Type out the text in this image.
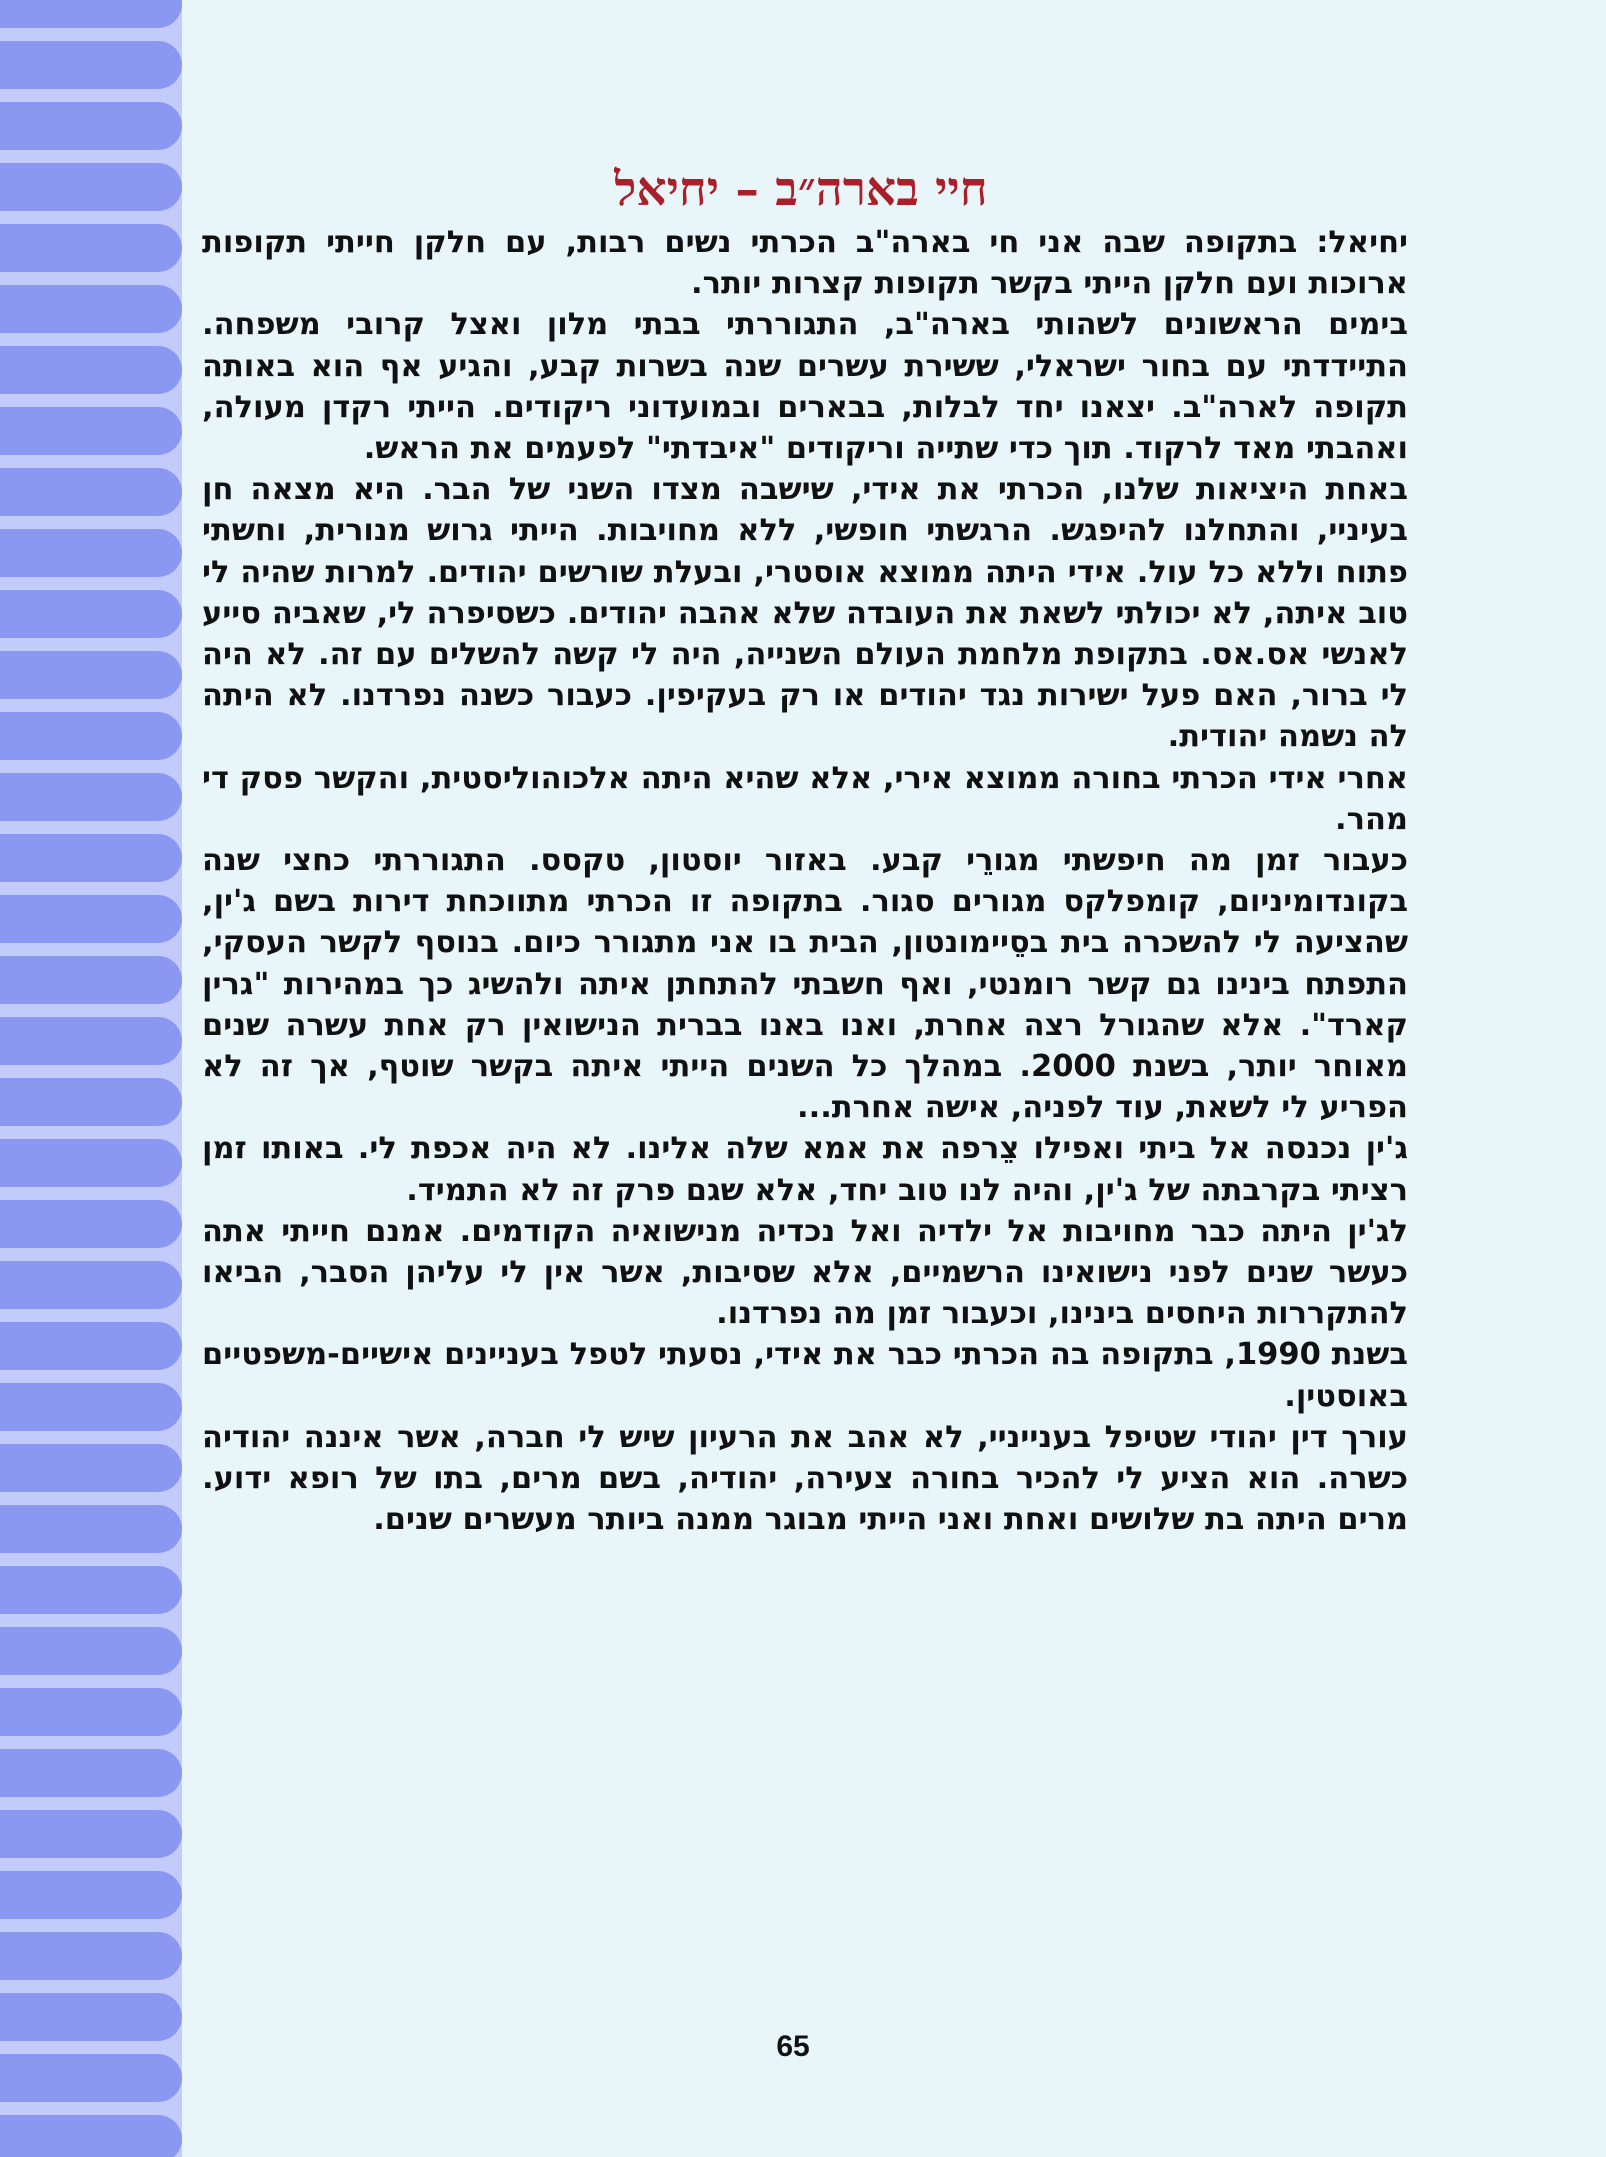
חיי בארה״ב – יחיאל

יחיאל: בתקופה שבה אני חי בארה"ב הכרתי נשים רבות, עם חלקן חייתי תקופות ארוכות ועם חלקן הייתי בקשר תקופות קצרות יותר.

בימים הראשונים לשהותי בארה"ב, התגוררתי בבתי מלון ואצל קרובי משפחה. התיידדתי עם בחור ישראלי, ששירת עשרים שנה בשרות קבע, והגיע אף הוא באותה תקופה לארה"ב. יצאנו יחד לבלות, בבארים ובמועדוני ריקודים. הייתי רקדן מעולה, ואהבתי מאד לרקוד. תוך כדי שתייה וריקודים "איבדתי" לפעמים את הראש.

באחת היציאות שלנו, הכרתי את אידי, שישבה מצדו השני של הבר. היא מצאה חן בעיניי, והתחלנו להיפגש. הרגשתי חופשי, ללא מחויבות. הייתי גרוש מנורית, וחשתי פתוח וללא כל עול. אידי היתה ממוצא אוסטרי, ובעלת שורשים יהודים. למרות שהיה לי טוב איתה, לא יכולתי לשאת את העובדה שלא אהבה יהודים. כשסיפרה לי, שאביה סייע לאנשי אס.אס. בתקופת מלחמת העולם השנייה, היה לי קשה להשלים עם זה. לא היה לי ברור, האם פעל ישירות נגד יהודים או רק בעקיפין. כעבור כשנה נפרדנו. לא היתה לה נשמה יהודית.

אחרי אידי הכרתי בחורה ממוצא אירי, אלא שהיא היתה אלכוהוליסטית, והקשר פסק די מהר.

כעבור זמן מה חיפשתי מגורֵי קבע. באזור יוסטון, טקסס. התגוררתי כחצי שנה בקונדומיניום, קומפלקס מגורים סגור. בתקופה זו הכרתי מתווכחת דירות בשם ג'ין, שהציעה לי להשכרה בית בסֵיימונטון, הבית בו אני מתגורר כיום. בנוסף לקשר העסקי, התפתח בינינו גם קשר רומנטי, ואף חשבתי להתחתן איתה ולהשיג כך במהירות "גרין קארד". אלא שהגורל רצה אחרת, ואנו באנו בברית הנישואין רק אחת עשרה שנים מאוחר יותר, בשנת 2000. במהלך כל השנים הייתי איתה בקשר שוטף, אך זה לא הפריע לי לשאת, עוד לפניה, אישה אחרת...

ג'ין נכנסה אל ביתי ואפילו צֵרפה את אמא שלה אלינו. לא היה אכפת לי. באותו זמן רציתי בקרבתה של ג'ין, והיה לנו טוב יחד, אלא שגם פרק זה לא התמיד.

לג'ין היתה כבר מחויבות אל ילדיה ואל נכדיה מנישואיה הקודמים. אמנם חייתי אתה כעשר שנים לפני נישואינו הרשמיים, אלא שסיבות, אשר אין לי עליהן הסבר, הביאו להתקררות היחסים בינינו, וכעבור זמן מה נפרדנו.

בשנת 1990, בתקופה בה הכרתי כבר את אידי, נסעתי לטפל בעניינים אישיים-משפטיים באוסטין.

עורך דין יהודי שטיפל בענייניי, לא אהב את הרעיון שיש לי חברה, אשר איננה יהודיה כשרה. הוא הציע לי להכיר בחורה צעירה, יהודיה, בשם מרים, בתו של רופא ידוע. מרים היתה בת שלושים ואחת ואני הייתי מבוגר ממנה ביותר מעשרים שנים.

65
